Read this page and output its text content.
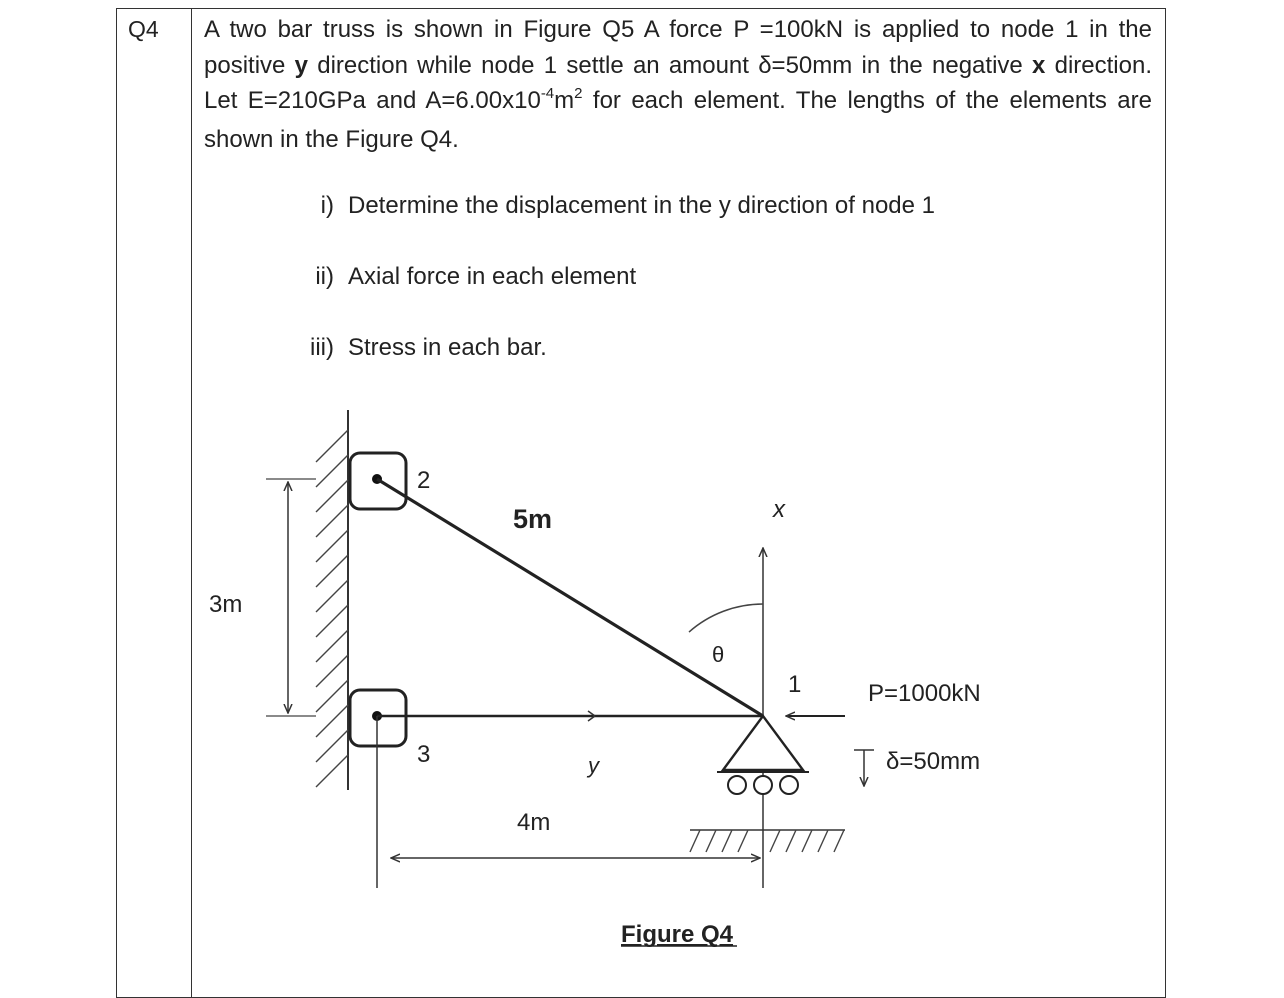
Q4 A two bar truss is shown in Figure Q5 A force P =100kN is applied to node 1 in the positive y direction while node 1 settle an amount δ=50mm in the negative x direction. Let E=210GPa and $A=6.00x10^{-4}m^2$ for each element. The lengths of the elements are shown in the Figure Q4.

i) Determine the displacement in the y direction of node 1
ii) Axial force in each element
iii) Stress in each bar.
3m
4m
5m
2
3
1
x
y
θ
P=1000kN
δ=50mm
Figure Q4
